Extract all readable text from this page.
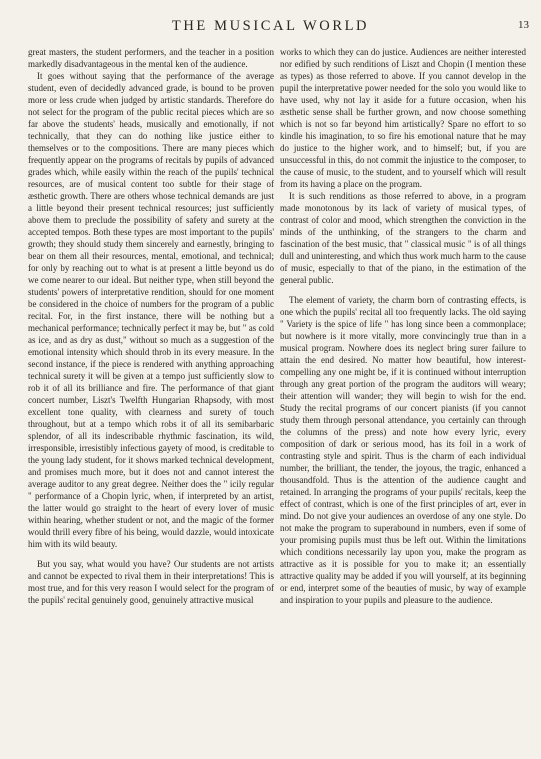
THE MUSICAL WORLD	13

great masters, the student performers, and the teacher in a position markedly disadvantageous in the mental ken of the audience.

It goes without saying that the performance of the average student, even of decidedly advanced grade, is bound to be proven more or less crude when judged by artistic standards. Therefore do not select for the program of the public recital pieces which are so far above the students' heads, musically and emotionally, if not technically, that they can do nothing like justice either to themselves or to the compositions. There are many pieces which frequently appear on the programs of recitals by pupils of advanced grades which, while easily within the reach of the pupils' technical resources, are of musical content too subtle for their stage of æsthetic growth. There are others whose technical demands are just a little beyond their present technical resources; just sufficiently above them to preclude the possibility of safety and surety at the accepted tempos. Both these types are most important to the pupils' growth; they should study them sincerely and earnestly, bringing to bear on them all their resources, mental, emotional, and technical; for only by reaching out to what is at present a little beyond us do we come nearer to our ideal. But neither type, when still beyond the students' powers of interpretative rendition, should for one moment be considered in the choice of numbers for the program of a public recital. For, in the first instance, there will be nothing but a mechanical performance; technically perfect it may be, but " as cold as ice, and as dry as dust," without so much as a suggestion of the emotional intensity which should throb in its every measure. In the second instance, if the piece is rendered with anything approaching technical surety it will be given at a tempo just sufficiently slow to rob it of all its brilliance and fire. The performance of that giant concert number, Liszt's Twelfth Hungarian Rhapsody, with most excellent tone quality, with clearness and surety of touch throughout, but at a tempo which robs it of all its semibarbaric splendor, of all its indescribable rhythmic fascination, its wild, irresponsible, irresistibly infectious gayety of mood, is creditable to the young lady student, for it shows marked technical development, and promises much more, but it does not and cannot interest the average auditor to any great degree. Neither does the " icily regular " performance of a Chopin lyric, when, if interpreted by an artist, the latter would go straight to the heart of every lover of music within hearing, whether student or not, and the magic of the former would thrill every fibre of his being, would dazzle, would intoxicate him with its wild beauty.

But you say, what would you have? Our students are not artists and cannot be expected to rival them in their interpretations! This is most true, and for this very reason I would select for the program of the pupils' recital genuinely good, genuinely attractive musical

works to which they can do justice. Audiences are neither interested nor edified by such renditions of Liszt and Chopin (I mention these as types) as those referred to above. If you cannot develop in the pupil the interpretative power needed for the solo you would like to have used, why not lay it aside for a future occasion, when his æsthetic sense shall be further grown, and now choose something which is not so far beyond him artistically? Spare no effort to so kindle his imagination, to so fire his emotional nature that he may do justice to the higher work, and to himself; but, if you are unsuccessful in this, do not commit the injustice to the composer, to the cause of music, to the student, and to yourself which will result from its having a place on the program.

It is such renditions as those referred to above, in a program made monotonous by its lack of variety of musical types, of contrast of color and mood, which strengthen the conviction in the minds of the unthinking, of the strangers to the charm and fascination of the best music, that " classical music " is of all things dull and uninteresting, and which thus work much harm to the cause of music, especially to that of the piano, in the estimation of the general public.

The element of variety, the charm born of contrasting effects, is one which the pupils' recital all too frequently lacks. The old saying " Variety is the spice of life " has long since been a commonplace; but nowhere is it more vitally, more convincingly true than in a musical program. Nowhere does its neglect bring surer failure to attain the end desired. No matter how beautiful, how interest-compelling any one might be, if it is continued without interruption through any great portion of the program the auditors will weary; their attention will wander; they will begin to wish for the end. Study the recital programs of our concert pianists (if you cannot study them through personal attendance, you certainly can through the columns of the press) and note how every lyric, every composition of dark or serious mood, has its foil in a work of contrasting style and spirit. Thus is the charm of each individual number, the brilliant, the tender, the joyous, the tragic, enhanced a thousandfold. Thus is the attention of the audience caught and retained. In arranging the programs of your pupils' recitals, keep the effect of contrast, which is one of the first principles of art, ever in mind. Do not give your audiences an overdose of any one style. Do not make the program to superabound in numbers, even if some of your promising pupils must thus be left out. Within the limitations which conditions necessarily lay upon you, make the program as attractive as it is possible for you to make it; an essentially attractive quality may be added if you will yourself, at its beginning or end, interpret some of the beauties of music, by way of example and inspiration to your pupils and pleasure to the audience.
